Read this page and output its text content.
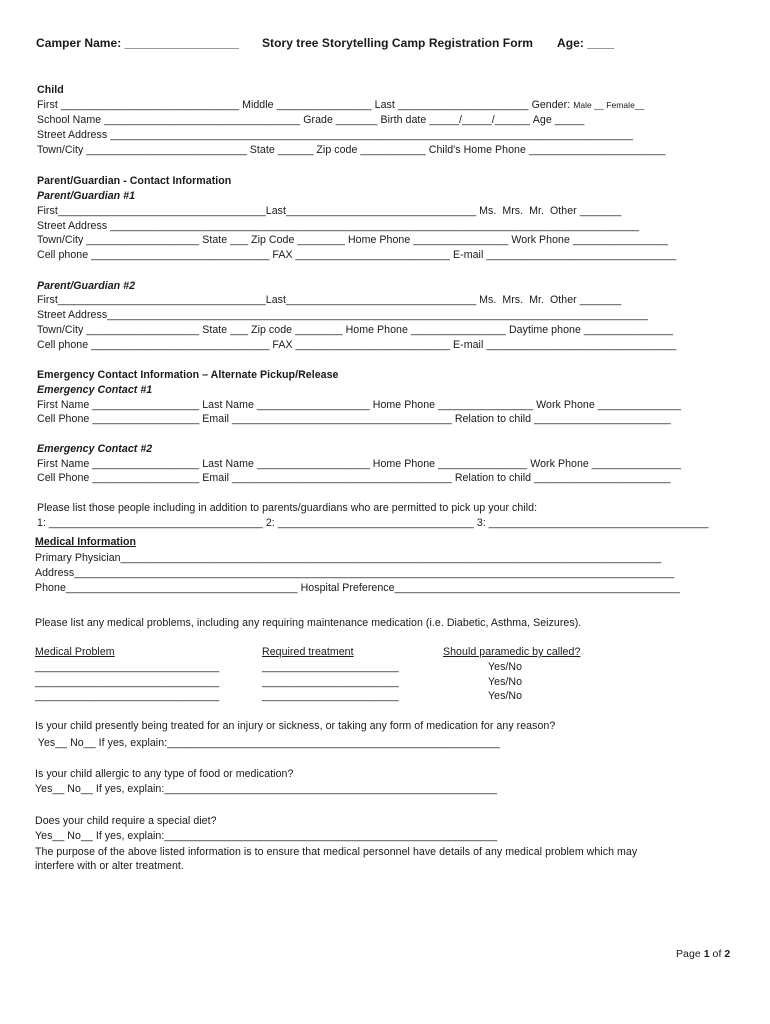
Camper Name: _________________ Story tree Storytelling Camp Registration Form Age: ____
Child
First ______________________________ Middle ________________ Last ______________________ Gender: Male __ Female__
School Name _________________________________ Grade _______ Birth date _____/_____/______ Age _____
Street Address ________________________________________________________________________________________
Town/City ___________________________ State ______ Zip code ___________ Child's Home Phone _______________________
Parent/Guardian - Contact Information
Parent/Guardian #1
First___________________________________Last________________________________ Ms.  Mrs.  Mr.  Other _______
Street Address _________________________________________________________________________________________
Town/City ___________________ State ___ Zip Code ________ Home Phone ________________ Work Phone ________________
Cell phone ______________________________ FAX __________________________ E-mail ________________________________
Parent/Guardian #2
First___________________________________Last________________________________ Ms.  Mrs.  Mr.  Other _______
Street Address___________________________________________________________________________________________
Town/City ___________________ State ___ Zip code ________ Home Phone ________________ Daytime phone _______________
Cell phone ______________________________ FAX __________________________ E-mail ________________________________
Emergency Contact Information – Alternate Pickup/Release
Emergency Contact #1
First Name __________________ Last Name ___________________ Home Phone ________________ Work Phone ______________
Cell Phone __________________ Email _____________________________________ Relation to child _______________________
Emergency Contact #2
First Name __________________ Last Name ___________________ Home Phone _______________ Work Phone _______________
Cell Phone __________________ Email _____________________________________ Relation to child _______________________
Please list those people including in addition to parents/guardians who are permitted to pick up your child:
1: ____________________________________ 2: _________________________________ 3: _____________________________________
Medical Information
Primary Physician___________________________________________________________________________________________
Address_____________________________________________________________________________________________________
Phone_______________________________________ Hospital Preference________________________________________________
Please list any medical problems, including any requiring maintenance medication (i.e. Diabetic, Asthma, Seizures).
Medical Problem	Required treatment	Should paramedic by called?
_______________________________
_______________________________
_______________________________
_______________________
_______________________
_______________________
Yes/No
Yes/No
Yes/No
Is your child presently being treated for an injury or sickness, or taking any form of medication for any reason?
Yes__ No__ If yes, explain:________________________________________________________
Is your child allergic to any type of food or medication?
Yes__ No__ If yes, explain:________________________________________________________
Does your child require a special diet?
Yes__ No__ If yes, explain:________________________________________________________
The purpose of the above listed information is to ensure that medical personnel have details of any medical problem which may
interfere with or alter treatment.
Page 1 of 2
